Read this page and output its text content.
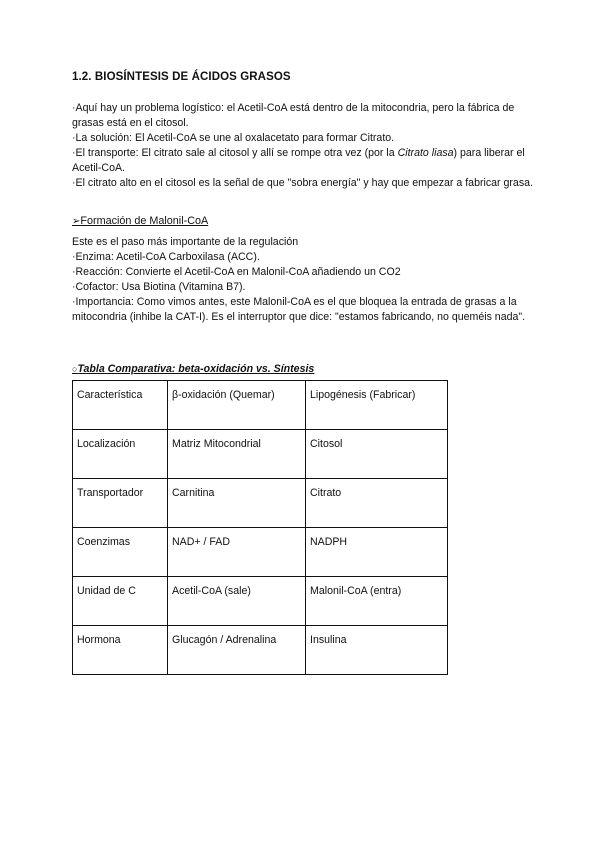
1.2. BIOSÍNTESIS DE ÁCIDOS GRASOS
·Aquí hay un problema logístico: el Acetil-CoA está dentro de la mitocondria, pero la fábrica de grasas está en el citosol.
·La solución: El Acetil-CoA se une al oxalacetato para formar Citrato.
·El transporte: El citrato sale al citosol y allí se rompe otra vez (por la Citrato liasa) para liberar el Acetil-CoA.
·El citrato alto en el citosol es la señal de que "sobra energía" y hay que empezar a fabricar grasa.
➢Formación de Malonil-CoA
Este es el paso más importante de la regulación
·Enzima: Acetil-CoA Carboxilasa (ACC).
·Reacción: Convierte el Acetil-CoA en Malonil-CoA añadiendo un CO2
·Cofactor: Usa Biotina (Vitamina B7).
·Importancia: Como vimos antes, este Malonil-CoA es el que bloquea la entrada de grasas a la mitocondria (inhibe la CAT-I). Es el interruptor que dice: "estamos fabricando, no queméis nada".
○Tabla Comparativa: beta-oxidación vs. Síntesis
Característica	β-oxidación (Quemar)	Lipogénesis (Fabricar)
Localización	Matriz Mitocondrial	Citosol
Transportador	Carnitina	Citrato
Coenzimas	NAD+ / FAD	NADPH
Unidad de C	Acetil-CoA (sale)	Malonil-CoA (entra)
Hormona	Glucagón / Adrenalina	Insulina
